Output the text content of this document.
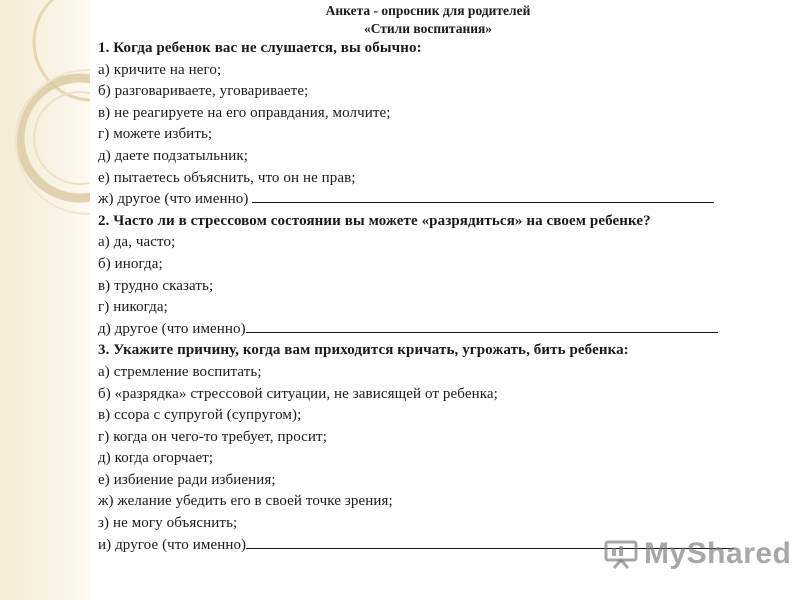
Анкета - опросник для родителей
«Стили воспитания»
1. Когда ребенок вас не слушается, вы обычно:
а) кричите на него;
б) разговариваете, уговариваете;
в) не реагируете на его оправдания, молчите;
г) можете избить;
д) даете подзатыльник;
е) пытаетесь объяснить, что он не прав;
ж) другое (что именно)
2. Часто ли в стрессовом состоянии вы можете «разрядиться» на своем ребенке?
а) да, часто;
б) иногда;
в) трудно сказать;
г) никогда;
д) другое (что именно)
3. Укажите причину, когда вам приходится кричать, угрожать, бить ребенка:
а) стремление воспитать;
б) «разрядка» стрессовой ситуации, не зависящей от ребенка;
в) ссора с супругой (супругом);
г) когда он чего-то требует, просит;
д) когда огорчает;
е) избиение ради избиения;
ж) желание убедить его в своей точке зрения;
з) не могу объяснить;
и) другое (что именно)	MyShared
